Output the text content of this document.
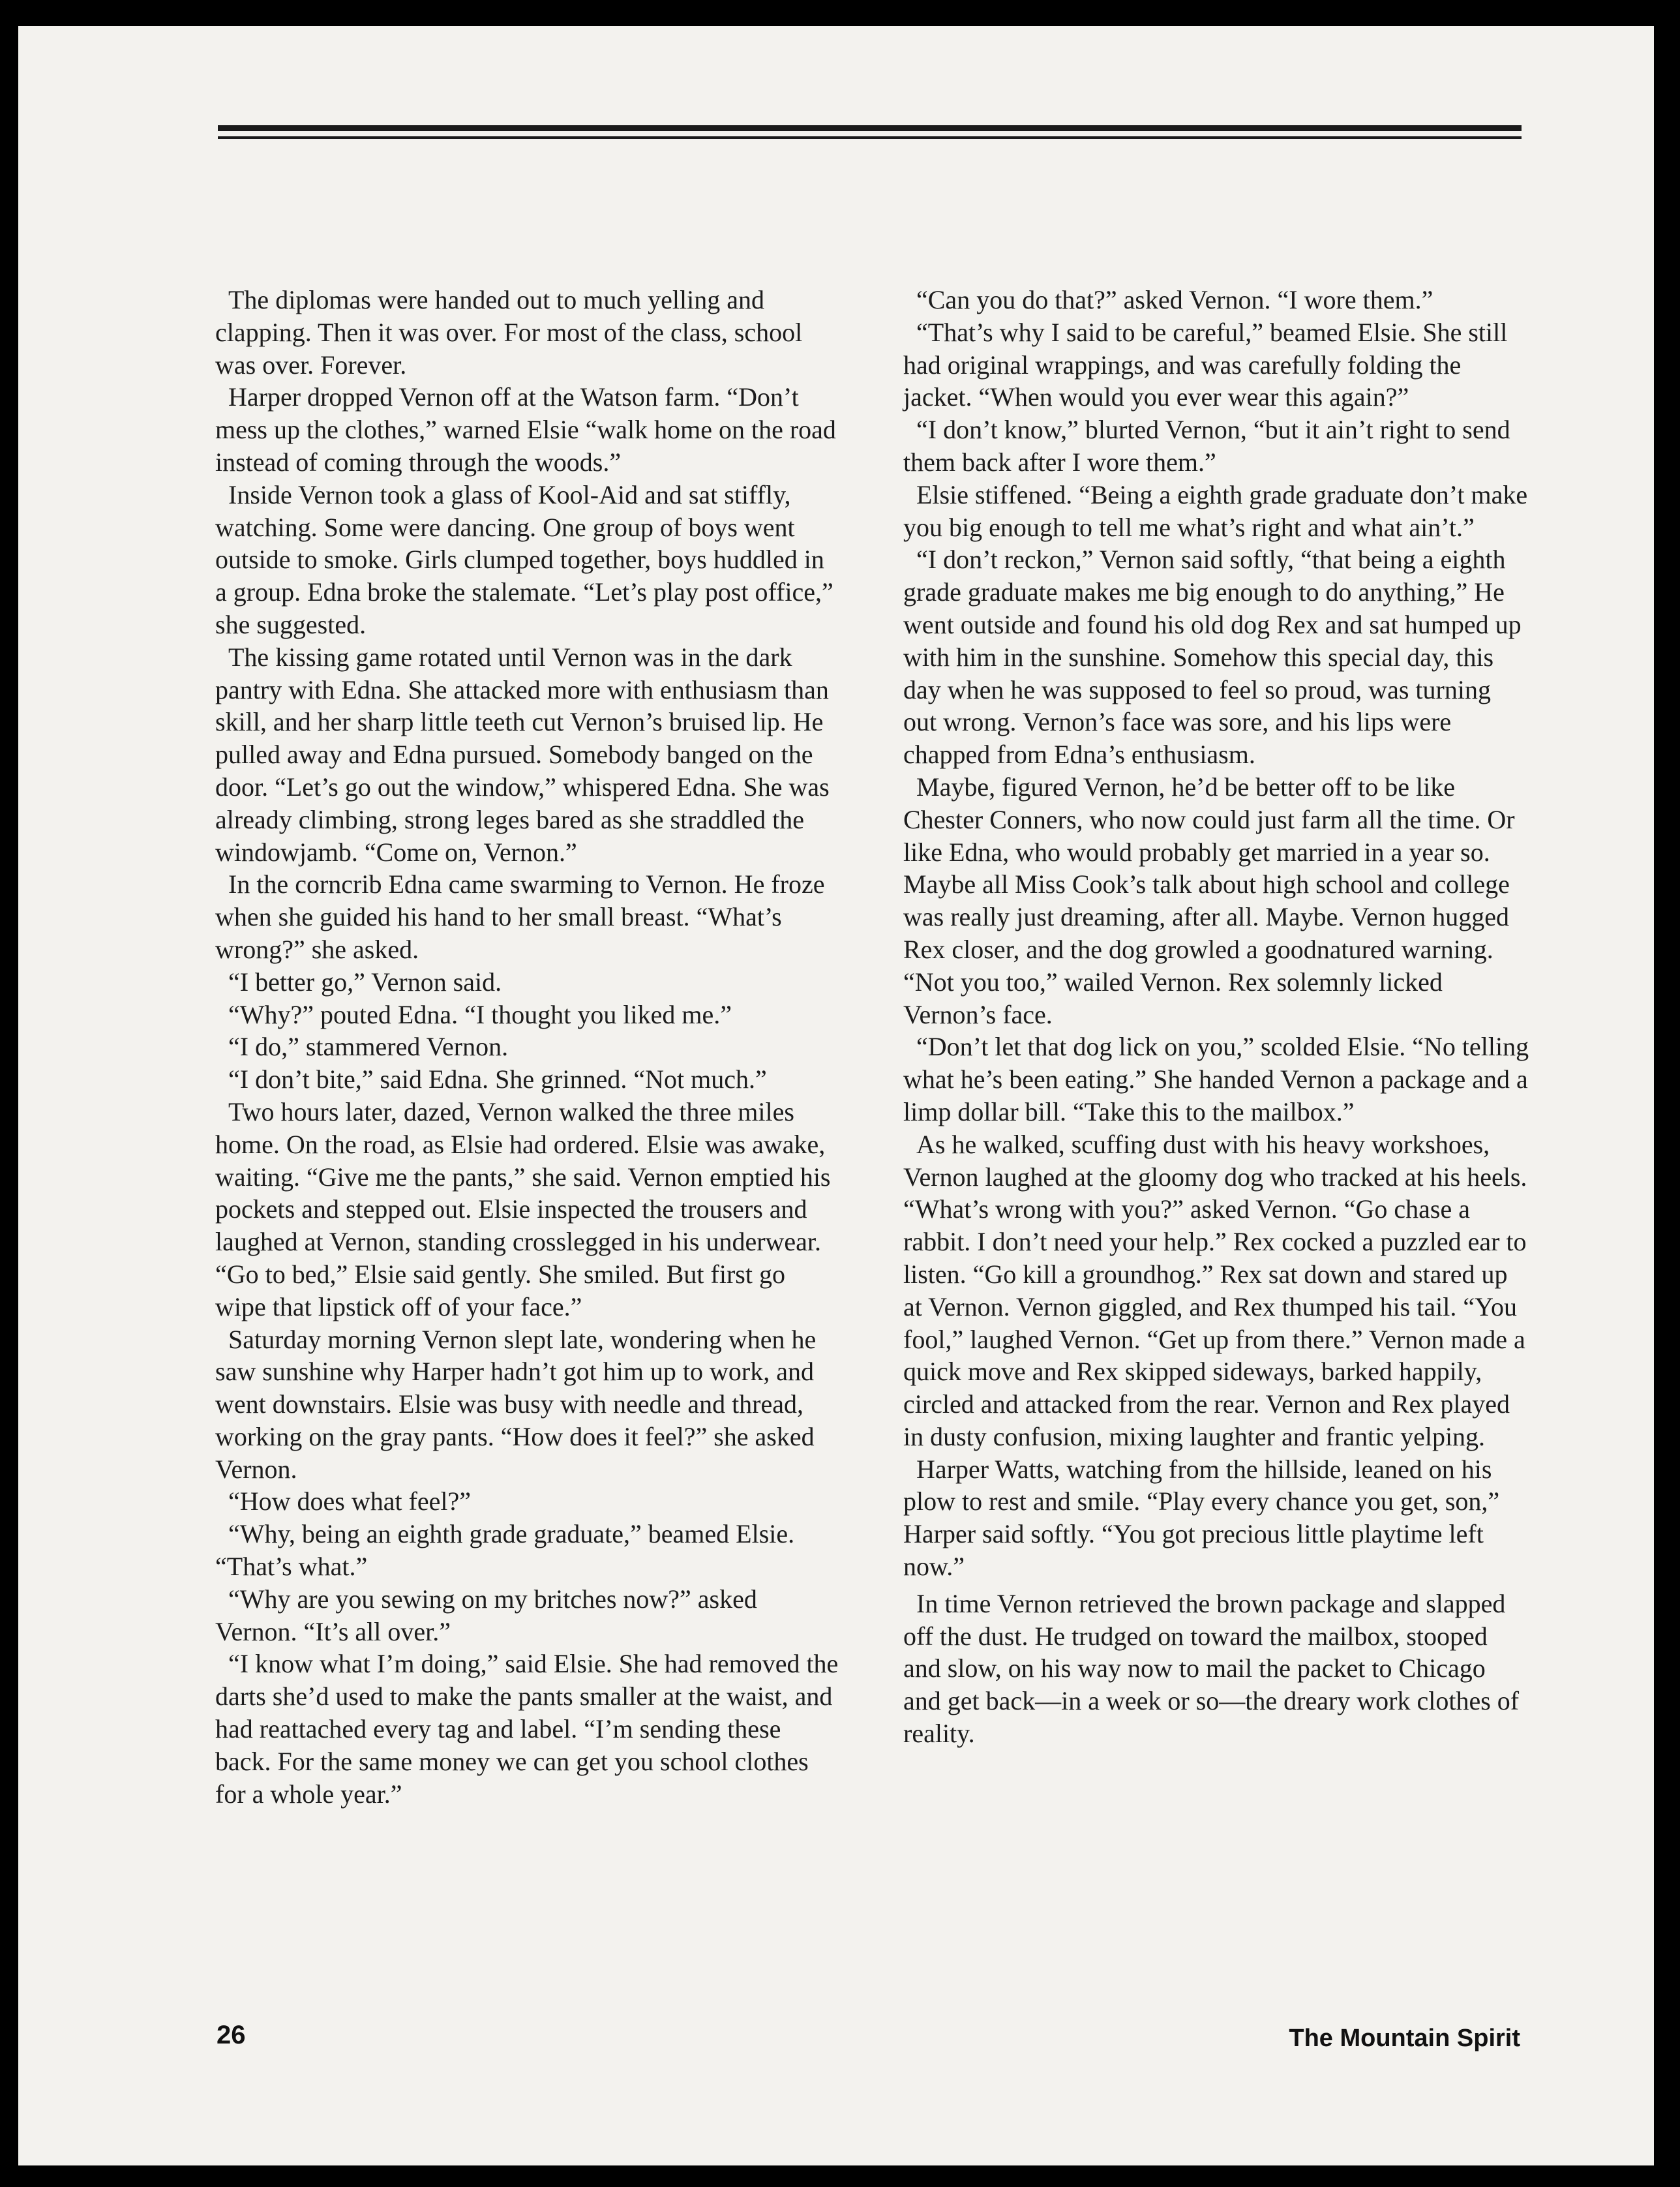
The diplomas were handed out to much yelling and clapping. Then it was over. For most of the class, school was over. Forever.

Harper dropped Vernon off at the Watson farm. “Don’t mess up the clothes,” warned Elsie “walk home on the road instead of coming through the woods.”

Inside Vernon took a glass of Kool-Aid and sat stiffly, watching. Some were dancing. One group of boys went outside to smoke. Girls clumped together, boys huddled in a group. Edna broke the stalemate. “Let’s play post office,” she suggested.

The kissing game rotated until Vernon was in the dark pantry with Edna. She attacked more with enthusiasm than skill, and her sharp little teeth cut Vernon’s bruised lip. He pulled away and Edna pursued. Somebody banged on the door. “Let’s go out the window,” whispered Edna. She was already climbing, strong leges bared as she straddled the windowjamb. “Come on, Vernon.”

In the corncrib Edna came swarming to Vernon. He froze when she guided his hand to her small breast. “What’s wrong?” she asked.

“I better go,” Vernon said.

“Why?” pouted Edna. “I thought you liked me.”

“I do,” stammered Vernon.

“I don’t bite,” said Edna. She grinned. “Not much.”

Two hours later, dazed, Vernon walked the three miles home. On the road, as Elsie had ordered. Elsie was awake, waiting. “Give me the pants,” she said. Vernon emptied his pockets and stepped out. Elsie inspected the trousers and laughed at Vernon, standing crosslegged in his underwear. “Go to bed,” Elsie said gently. She smiled. But first go wipe that lipstick off of your face.”

Saturday morning Vernon slept late, wondering when he saw sunshine why Harper hadn’t got him up to work, and went downstairs. Elsie was busy with needle and thread, working on the gray pants. “How does it feel?” she asked Vernon.

“How does what feel?”

“Why, being an eighth grade graduate,” beamed Elsie. “That’s what.”

“Why are you sewing on my britches now?” asked Vernon. “It’s all over.”

“I know what I’m doing,” said Elsie. She had removed the darts she’d used to make the pants smaller at the waist, and had reattached every tag and label. “I’m sending these back. For the same money we can get you school clothes for a whole year.”

“Can you do that?” asked Vernon. “I wore them.”

“That’s why I said to be careful,” beamed Elsie. She still had original wrappings, and was carefully folding the jacket. “When would you ever wear this again?”

“I don’t know,” blurted Vernon, “but it ain’t right to send them back after I wore them.”

Elsie stiffened. “Being a eighth grade graduate don’t make you big enough to tell me what’s right and what ain’t.”

“I don’t reckon,” Vernon said softly, “that being a eighth grade graduate makes me big enough to do anything,” He went outside and found his old dog Rex and sat humped up with him in the sunshine. Somehow this special day, this day when he was supposed to feel so proud, was turning out wrong. Vernon’s face was sore, and his lips were chapped from Edna’s enthusiasm.

Maybe, figured Vernon, he’d be better off to be like Chester Conners, who now could just farm all the time. Or like Edna, who would probably get married in a year so. Maybe all Miss Cook’s talk about high school and college was really just dreaming, after all. Maybe. Vernon hugged Rex closer, and the dog growled a goodnatured warning. “Not you too,” wailed Vernon. Rex solemnly licked Vernon’s face.

“Don’t let that dog lick on you,” scolded Elsie. “No telling what he’s been eating.” She handed Vernon a package and a limp dollar bill. “Take this to the mailbox.”

As he walked, scuffing dust with his heavy workshoes, Vernon laughed at the gloomy dog who tracked at his heels. “What’s wrong with you?” asked Vernon. “Go chase a rabbit. I don’t need your help.” Rex cocked a puzzled ear to listen. “Go kill a groundhog.” Rex sat down and stared up at Vernon. Vernon giggled, and Rex thumped his tail. “You fool,” laughed Vernon. “Get up from there.” Vernon made a quick move and Rex skipped sideways, barked happily, circled and attacked from the rear. Vernon and Rex played in dusty confusion, mixing laughter and frantic yelping.

Harper Watts, watching from the hillside, leaned on his plow to rest and smile. “Play every chance you get, son,” Harper said softly. “You got precious little playtime left now.”

In time Vernon retrieved the brown package and slapped off the dust. He trudged on toward the mailbox, stooped and slow, on his way now to mail the packet to Chicago and get back—in a week or so—the dreary work clothes of reality.

26	The Mountain Spirit
